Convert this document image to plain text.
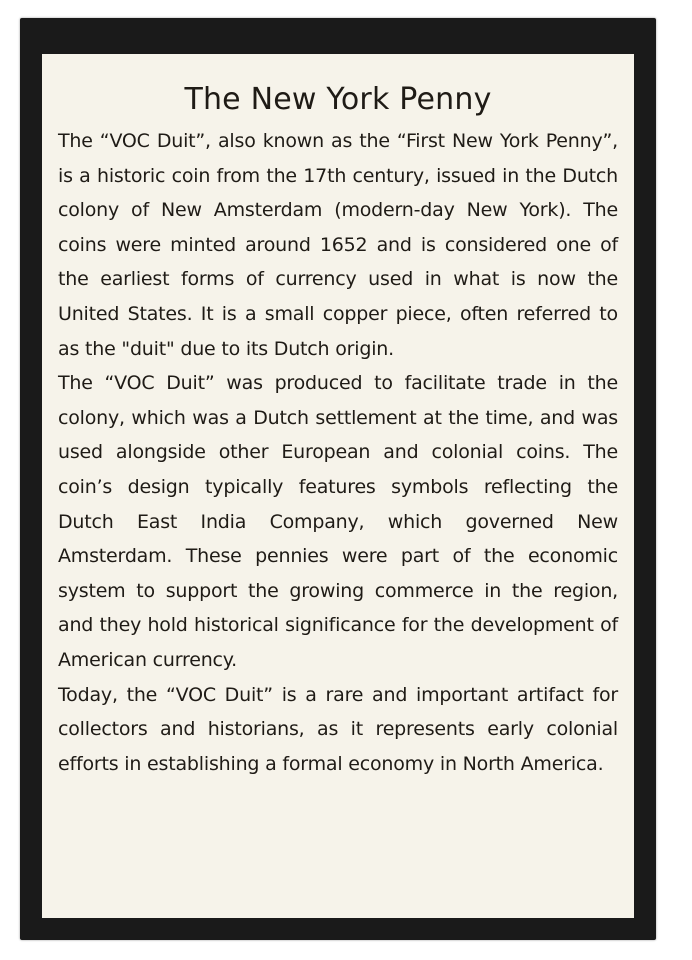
The New York Penny

The “VOC Duit”, also known as the “First New York Penny”, is a historic coin from the 17th century, issued in the Dutch colony of New Amsterdam (modern-day New York). The coins were minted around 1652 and is considered one of the earliest forms of currency used in what is now the United States. It is a small copper piece, often referred to as the "duit" due to its Dutch origin.

The “VOC Duit” was produced to facilitate trade in the colony, which was a Dutch settlement at the time, and was used alongside other European and colonial coins. The coin’s design typically features symbols reflecting the Dutch East India Company, which governed New Amsterdam. These pennies were part of the economic system to support the growing commerce in the region, and they hold historical significance for the development of American currency.

Today, the “VOC Duit” is a rare and important artifact for collectors and historians, as it represents early colonial efforts in establishing a formal economy in North America.
